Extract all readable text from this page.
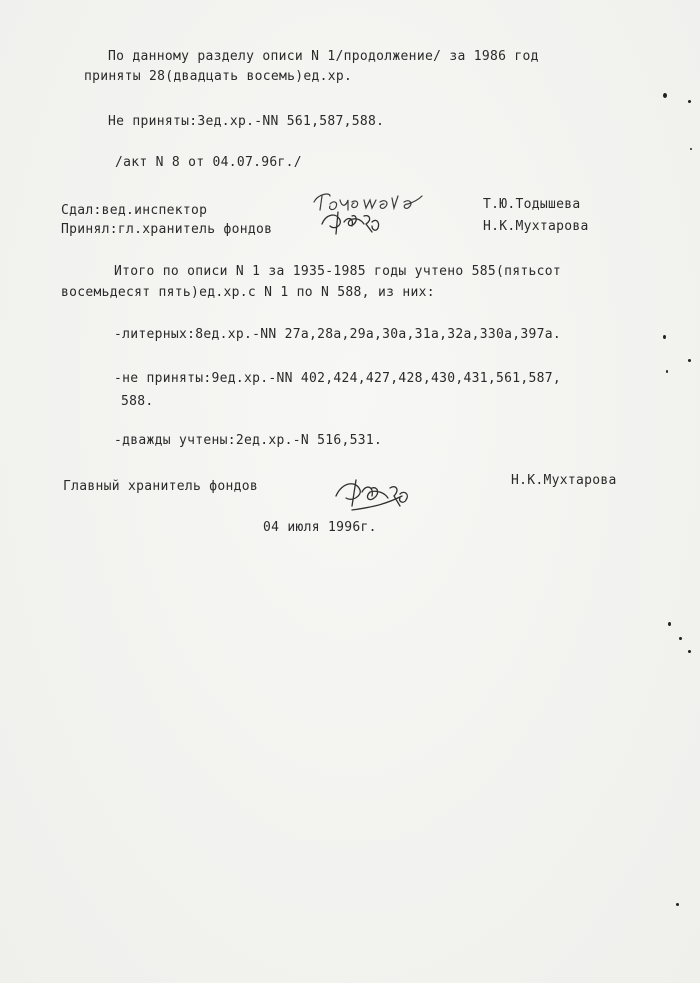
По данному разделу описи N 1/продолжение/ за 1986 год
приняты 28(двадцать восемь)ед.хр.
Не приняты:3ед.хр.-NN 561,587,588.
/акт N 8 от 04.07.96г./
Сдал:вед.инспектор	Т.Ю.Тодышева
Принял:гл.хранитель фондов	Н.К.Мухтарова
Итого по описи N 1 за 1935-1985 годы учтено 585(пятьсот
восемьдесят пять)ед.хр.с N 1 по N 588, из них:
-литерных:8ед.хр.-NN 27а,28а,29а,30а,31а,32а,330а,397а.
-не приняты:9ед.хр.-NN 402,424,427,428,430,431,561,587,
588.
-дважды учтены:2ед.хр.-N 516,531.
Главный хранитель фондов	Н.К.Мухтарова
04 июля 1996г.
